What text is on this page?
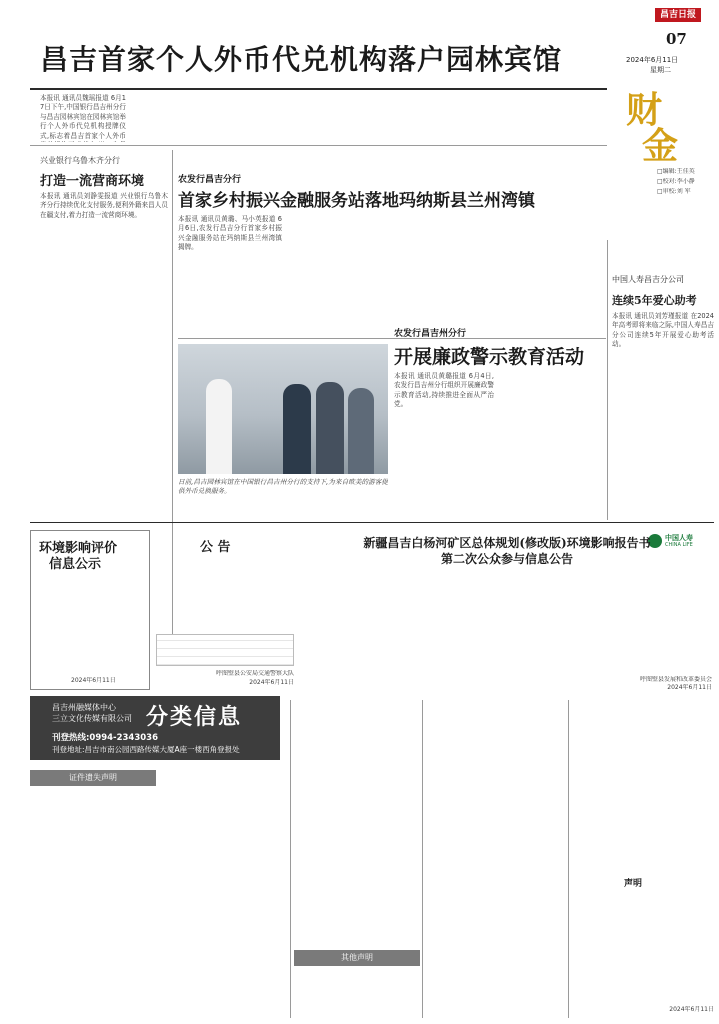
昌吉日报
07
2024年6月11日
星期二
昌吉首家个人外币代兑机构落户园林宾馆
财
金
□编辑:王佳英
□校对:李小静
□审校:刘 军
本报讯 通讯员魏瑶报道 6月17日下午,中国银行昌吉州分行与昌吉园林宾馆在园林宾馆举行个人外币代兑机构授牌仪式,标志着昌吉首家个人外币
兴业银行乌鲁木齐分行
打造一流营商环境
本报讯 通讯员刘静雯报道 兴业银行乌鲁木齐分行持续优化支付服务,便利外籍来昌人员在疆支付,着力打造一流营商环境。
农发行昌吉分行
首家乡村振兴金融服务站落地玛纳斯县兰州湾镇
本报讯 通讯员黄璐、马小英报道 6月6日,农发行昌吉分行首家乡村振兴金融服务站在玛纳斯县兰州湾镇揭牌。
日前,昌吉园林宾馆在中国银行昌吉州分行的支持下,为来自欧美的游客提供外币兑换服务。
农发行昌吉州分行
开展廉政警示教育活动
本报讯 通讯员黄璐报道 6月4日,农发行昌吉州分行组织开展廉政警示教育活动,持续推进全面从严治党。
中国人寿昌吉分公司
连续5年爱心助考
本报讯 通讯员刘芳瑾报道 在2024年高考即将来临之际,中国人寿昌吉分公司连续5年开展爱心助考活动。
中国人寿
CHINA LIFE
环境影响评价
信息公示
2024年6月11日
公 告
呼图壁县公安局交通警察大队
2024年6月11日
新疆昌吉白杨河矿区总体规划(修改版)环境影响报告书
第二次公众参与信息公告
呼图壁县发展和改革委员会
2024年6月11日
昌吉州融媒体中心
三立文化传媒有限公司 分类信息
刊登热线:0994-2343036
刊登地址:昌吉市南公园西路传媒大厦A座一楼西角登报处
证件遗失声明
其他声明
声明
2024年6月11日
